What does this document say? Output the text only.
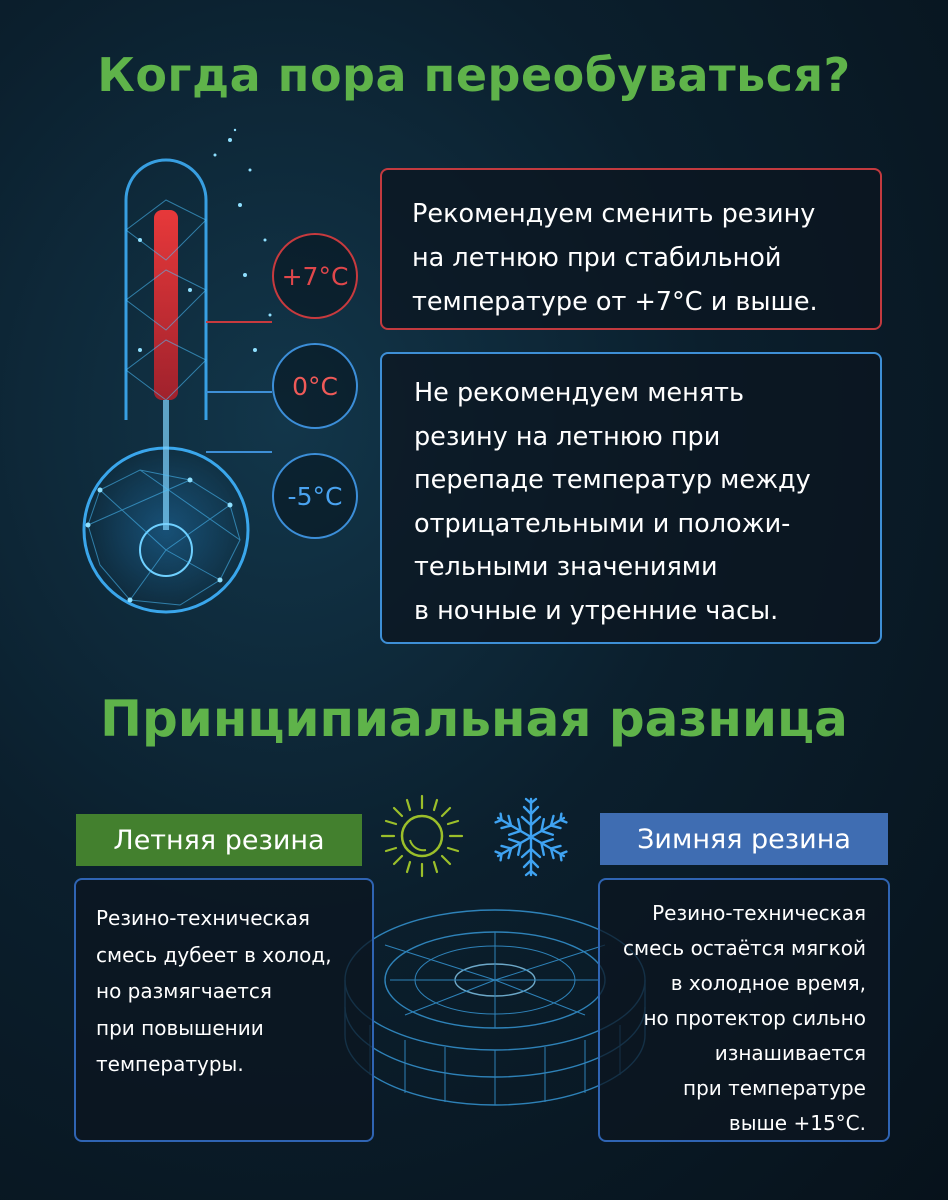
Когда пора переобуваться?
+7°C
0°C
-5°C

Рекомендуем сменить резину
на летнюю при стабильной
температуре от +7°C и выше.

Не рекомендуем менять
резину на летнюю при
перепаде температур между
отрицательными и положи-
тельными значениями
в ночные и утренние часы.

Принципиальная разница
Летняя резина	Зимняя резина

Резино-техническая
смесь дубеет в холод,
но размягчается
при повышении
температуры.

Резино-техническая
смесь остаётся мягкой
в холодное время,
но протектор сильно
изнашивается
при температуре
выше +15°C.
